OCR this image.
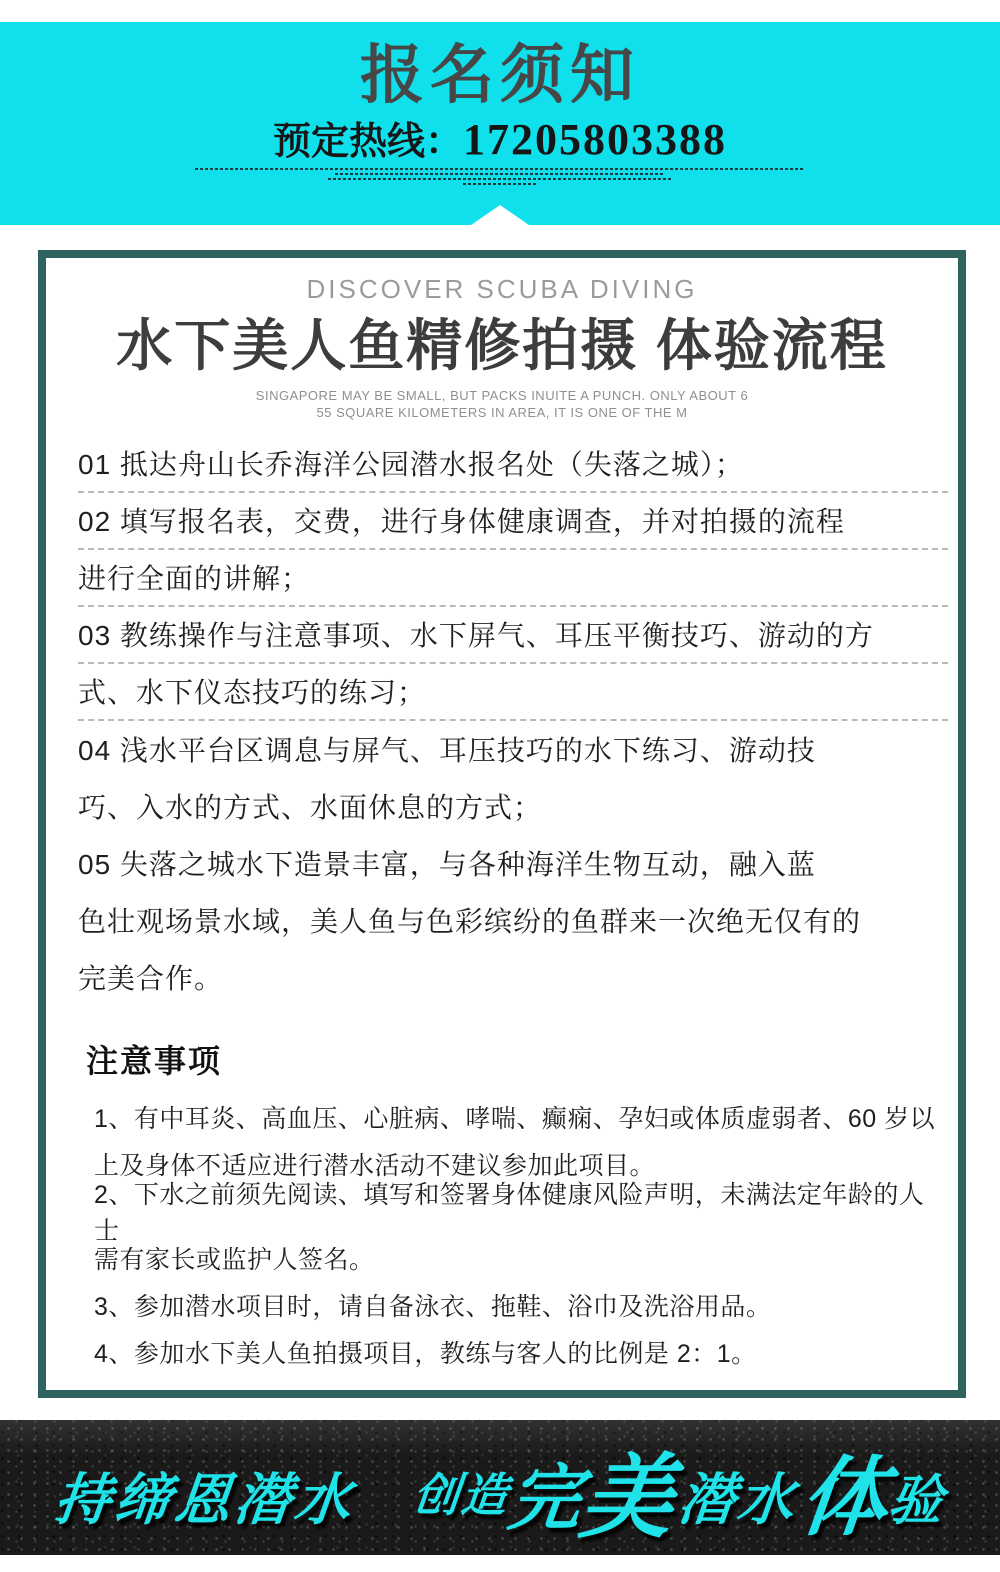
报名须知
预定热线：17205803388
DISCOVER SCUBA DIVING
水下美人鱼精修拍摄 体验流程
SINGAPORE MAY BE SMALL, BUT PACKS INUITE A PUNCH. ONLY ABOUT 6
55 SQUARE KILOMETERS IN AREA, IT IS ONE OF THE M
01 抵达舟山长乔海洋公园潜水报名处（失落之城）；
02 填写报名表，交费，进行身体健康调查，并对拍摄的流程
进行全面的讲解；
03 教练操作与注意事项、水下屏气、耳压平衡技巧、游动的方
式、水下仪态技巧的练习；
04 浅水平台区调息与屏气、耳压技巧的水下练习、游动技
巧、入水的方式、水面休息的方式；
05 失落之城水下造景丰富，与各种海洋生物互动，融入蓝
色壮观场景水域，美人鱼与色彩缤纷的鱼群来一次绝无仅有的
完美合作。
注意事项
1、有中耳炎、高血压、心脏病、哮喘、癫痫、孕妇或体质虚弱者、60 岁以
上及身体不适应进行潜水活动不建议参加此项目。
2、下水之前须先阅读、填写和签署身体健康风险声明，未满法定年龄的人士
需有家长或监护人签名。
3、参加潜水项目时，请自备泳衣、拖鞋、浴巾及洗浴用品。
4、参加水下美人鱼拍摄项目，教练与客人的比例是 2：1。
持缔恩潜水 创造
完
美
潜水
体
验
